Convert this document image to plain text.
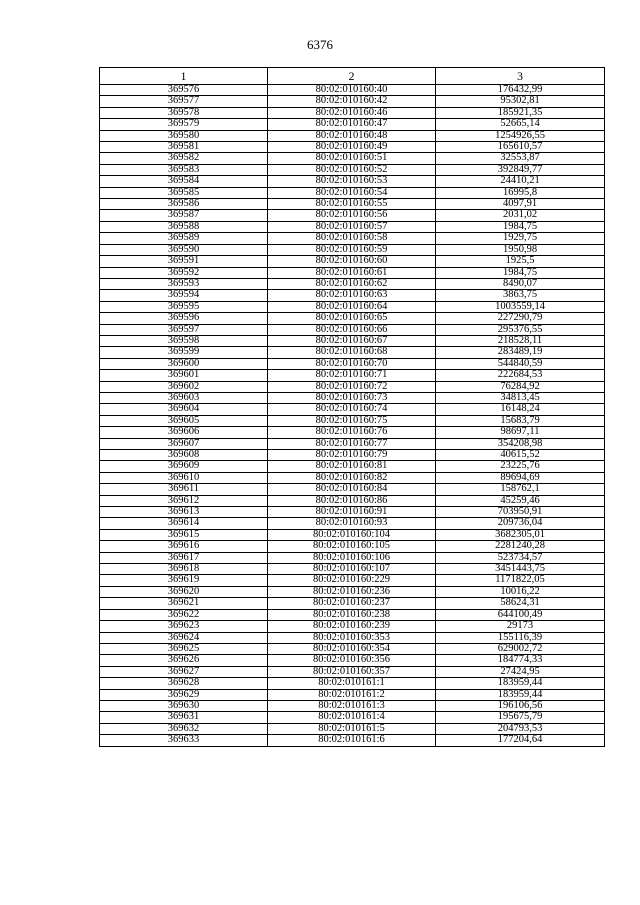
6376
1	2	3
369576	80:02:010160:40	176432,99
369577	80:02:010160:42	95302,81
369578	80:02:010160:46	185921,35
369579	80:02:010160:47	52665,14
369580	80:02:010160:48	1254926,55
369581	80:02:010160:49	165610,57
369582	80:02:010160:51	32553,87
369583	80:02:010160:52	392849,77
369584	80:02:010160:53	24410,21
369585	80:02:010160:54	16995,8
369586	80:02:010160:55	4097,91
369587	80:02:010160:56	2031,02
369588	80:02:010160:57	1984,75
369589	80:02:010160:58	1929,75
369590	80:02:010160:59	1950,98
369591	80:02:010160:60	1925,5
369592	80:02:010160:61	1984,75
369593	80:02:010160:62	8490,07
369594	80:02:010160:63	3863,75
369595	80:02:010160:64	1003559,14
369596	80:02:010160:65	227290,79
369597	80:02:010160:66	295376,55
369598	80:02:010160:67	218528,11
369599	80:02:010160:68	283489,19
369600	80:02:010160:70	544840,59
369601	80:02:010160:71	222684,53
369602	80:02:010160:72	76284,92
369603	80:02:010160:73	34813,45
369604	80:02:010160:74	16148,24
369605	80:02:010160:75	15683,79
369606	80:02:010160:76	98697,11
369607	80:02:010160:77	354208,98
369608	80:02:010160:79	40615,52
369609	80:02:010160:81	23225,76
369610	80:02:010160:82	89694,69
369611	80:02:010160:84	158762,1
369612	80:02:010160:86	45259,46
369613	80:02:010160:91	703950,91
369614	80:02:010160:93	209736,04
369615	80:02:010160:104	3682305,01
369616	80:02:010160:105	2281240,28
369617	80:02:010160:106	523734,57
369618	80:02:010160:107	3451443,75
369619	80:02:010160:229	1171822,05
369620	80:02:010160:236	10016,22
369621	80:02:010160:237	58624,31
369622	80:02:010160:238	644100,49
369623	80:02:010160:239	29173
369624	80:02:010160:353	155116,39
369625	80:02:010160:354	629002,72
369626	80:02:010160:356	184774,33
369627	80:02:010160:357	27424,95
369628	80:02:010161:1	183959,44
369629	80:02:010161:2	183959,44
369630	80:02:010161:3	196106,56
369631	80:02:010161:4	195675,79
369632	80:02:010161:5	204793,53
369633	80:02:010161:6	177204,64
